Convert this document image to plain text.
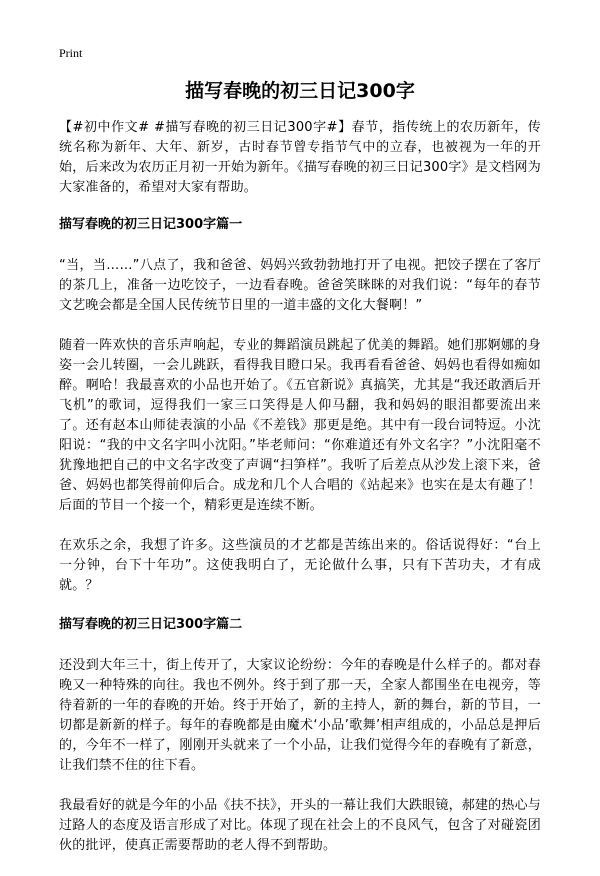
Print
描写春晚的初三日记300字

【#初中作文# #描写春晚的初三日记300字#】春节，指传统上的农历新年，传统名称为新年、大年、新岁，古时春节曾专指节气中的立春，也被视为一年的开始，后来改为农历正月初一开始为新年。《描写春晚的初三日记300字》是文档网为大家准备的，希望对大家有帮助。

描写春晚的初三日记300字篇一

“当，当……”八点了，我和爸爸、妈妈兴致勃勃地打开了电视。把饺子摆在了客厅的茶几上，准备一边吃饺子，一边看春晚。爸爸笑眯眯的对我们说：“每年的春节文艺晚会都是全国人民传统节日里的一道丰盛的文化大餐啊！”

随着一阵欢快的音乐声响起，专业的舞蹈演员跳起了优美的舞蹈。她们那婀娜的身姿一会儿转圈，一会儿跳跃，看得我目瞪口呆。我再看看爸爸、妈妈也看得如痴如醉。啊哈！我最喜欢的小品也开始了。《五官新说》真搞笑，尤其是“我还敢酒后开飞机”的歌词，逗得我们一家三口笑得是人仰马翻，我和妈妈的眼泪都要流出来了。还有赵本山师徒表演的小品《不差钱》那更是绝。其中有一段台词特逗。小沈阳说：“我的中文名字叫小沈阳。”毕老师问：“你难道还有外文名字？”小沈阳毫不犹豫地把自己的中文名字改变了声调“扫笋样”。我听了后差点从沙发上滚下来，爸爸、妈妈也都笑得前仰后合。成龙和几个人合唱的《站起来》也实在是太有趣了！后面的节目一个接一个，精彩更是连续不断。

在欢乐之余，我想了许多。这些演员的才艺都是苦练出来的。俗话说得好：“台上一分钟，台下十年功”。这使我明白了，无论做什么事，只有下苦功夫，才有成就。？

描写春晚的初三日记300字篇二

还没到大年三十，街上传开了，大家议论纷纷：今年的春晚是什么样子的。都对春晚又一种特殊的向往。我也不例外。终于到了那一天，全家人都围坐在电视旁，等待着新的一年的春晚的开始。终于开始了，新的主持人，新的舞台，新的节目，一切都是新新的样子。每年的春晚都是由魔术‘小品’歌舞’相声组成的，小品总是押后的，今年不一样了，刚刚开头就来了一个小品，让我们觉得今年的春晚有了新意，让我们禁不住的往下看。

我最看好的就是今年的小品《扶不扶》，开头的一幕让我们大跌眼镜，郝建的热心与过路人的态度及语言形成了对比。体现了现在社会上的不良风气，包含了对碰瓷团伙的批评，使真正需要帮助的老人得不到帮助。
